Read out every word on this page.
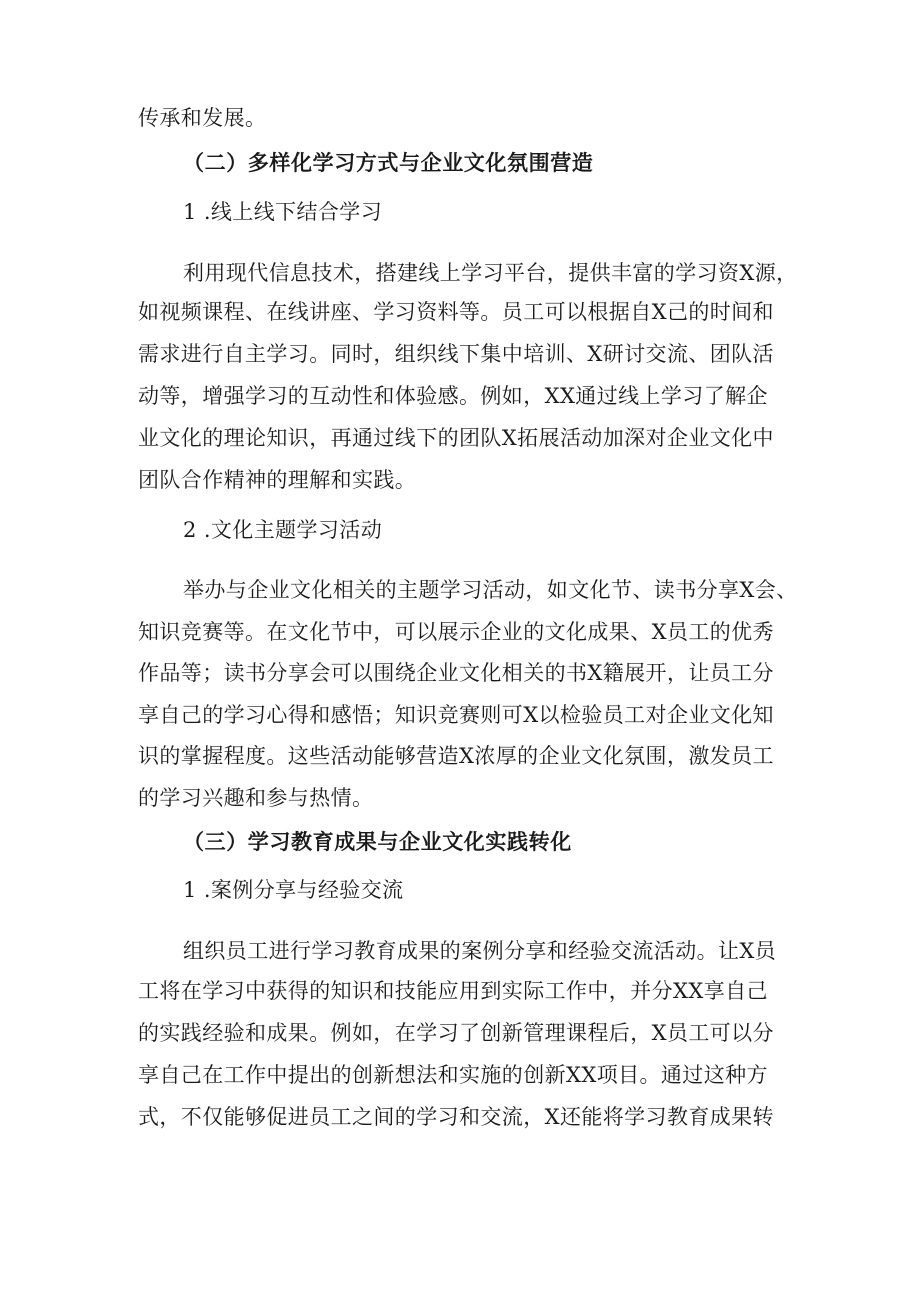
传承和发展。
（二）多样化学习方式与企业文化氛围营造
1 .线上线下结合学习
利用现代信息技术，搭建线上学习平台，提供丰富的学习资X源，
如视频课程、在线讲座、学习资料等。员工可以根据自X己的时间和
需求进行自主学习。同时，组织线下集中培训、X研讨交流、团队活
动等，增强学习的互动性和体验感。例如，XX通过线上学习了解企
业文化的理论知识，再通过线下的团队X拓展活动加深对企业文化中
团队合作精神的理解和实践。
2 .文化主题学习活动
举办与企业文化相关的主题学习活动，如文化节、读书分享X会、
知识竞赛等。在文化节中，可以展示企业的文化成果、X员工的优秀
作品等；读书分享会可以围绕企业文化相关的书X籍展开，让员工分
享自己的学习心得和感悟；知识竞赛则可X以检验员工对企业文化知
识的掌握程度。这些活动能够营造X浓厚的企业文化氛围，激发员工
的学习兴趣和参与热情。
（三）学习教育成果与企业文化实践转化
1 .案例分享与经验交流
组织员工进行学习教育成果的案例分享和经验交流活动。让X员
工将在学习中获得的知识和技能应用到实际工作中，并分XX享自己
的实践经验和成果。例如，在学习了创新管理课程后，X员工可以分
享自己在工作中提出的创新想法和实施的创新XX项目。通过这种方
式，不仅能够促进员工之间的学习和交流，X还能将学习教育成果转
